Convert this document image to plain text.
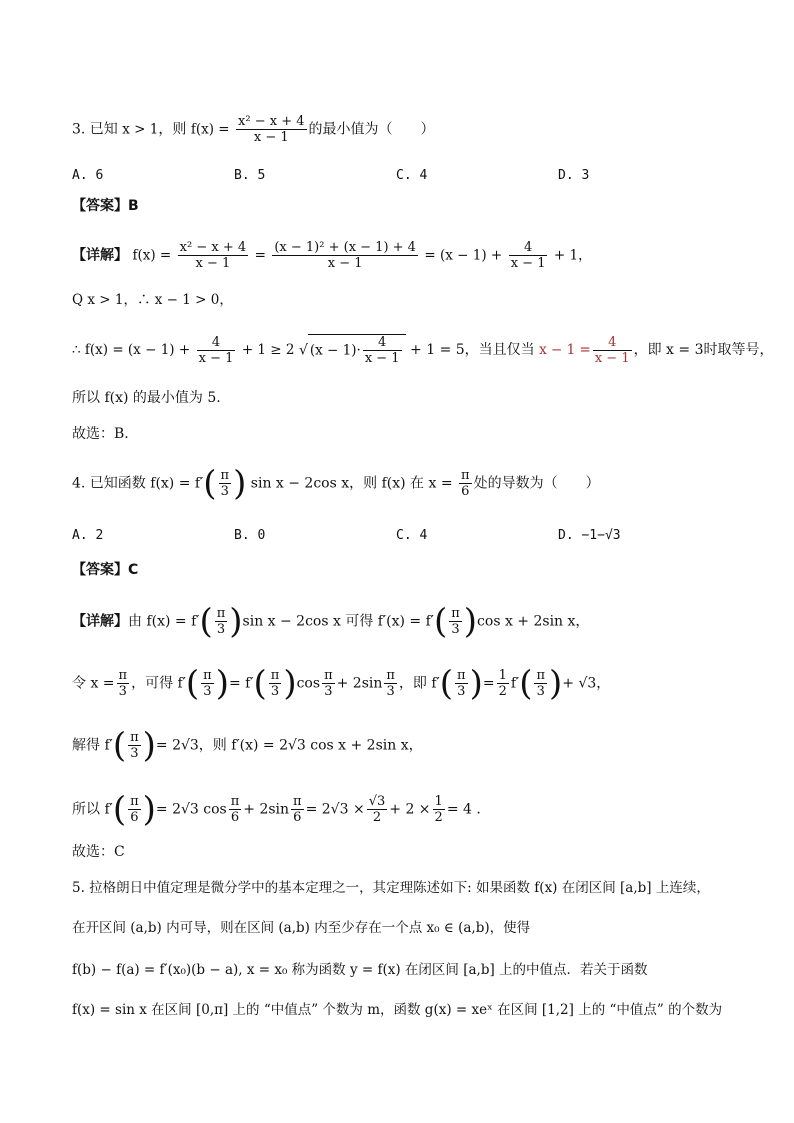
3. 已知 x > 1，则 $f(x) = \frac{\text{x² − x + 4}}{x - 1}$ 的最小值为（　　）
A. 6	B. 5	C. 4	D. 3
【答案】B
【详解】 $f(x) = \frac{\text{x² − x + 4}}{x - 1} = \frac{\text{(x − 1)² + (x − 1) + 4}}{x - 1} = (x - 1) + \frac{4}{x - 1} + 1$，
Q x > 1，∴ x − 1 > 0，
∴ $f(x) = (x - 1) + \frac{4}{x - 1} + 1 \ge 2$ √ $(x - 1)\cdot \frac{4}{x - 1} + 1 = 5$，当且仅当 $x - 1 = \frac{4}{x - 1}$ ，即 x = 3时取等号，
所以 f(x) 的最小值为 5.
故选：B.
4. 已知函数 $f(x) = f'( \frac{\pi}{3}$ ) sin x − 2cos x，则 f(x) 在 $x = \frac{\pi}{6}$ 处的导数为（　　）
A. 2	B. 0	C. 4	D. −1−√3
【答案】C
【详解】由 $f(x) = f'( \frac{\pi}{3} )\sin$ x − 2cos x 可得 $f'(x) = f'( \frac{\pi}{3} )\cos$ x + 2sin x，
令 $x = \frac{\pi}{3}$ ，可得 $f'( \frac{\pi}{3}$ )= $f'( \frac{\pi}{3} )\cos \frac{\pi}{3} + 2\sin \frac{\pi}{3}$ ，即 $f'( \frac{\pi}{3}$ )= $\frac{1}{2} f'( \frac{\pi}{3}$ )+ √3，
解得 $f'( \frac{\pi}{3}$ )= 2√3，则 f′(x) = 2√3 cos x + 2sin x，
所以 $f'( \frac{\pi}{6}$ )= 2√3 $\cos \frac{\pi}{6} + 2\sin \frac{\pi}{6} = 2√3 \times \frac{√3}{2} + 2 \times \frac{1}{2} = 4$ .
故选：C
5. 拉格朗日中值定理是微分学中的基本定理之一，其定理陈述如下: 如果函数 f(x) 在闭区间 [a,b] 上连续，
在开区间 (a,b) 内可导，则在区间 (a,b) 内至少存在一个点 x₀ ∈ (a,b)，使得
f(b) − f(a) = f′(x₀)(b − a), x = x₀ 称为函数 y = f(x) 在闭区间 [a,b] 上的中值点．若关于函数
f(x) = sin x 在区间 [0,π] 上的 “中值点” 个数为 m，函数 g(x) = xeˣ 在区间 [1,2] 上的 “中值点” 的个数为
